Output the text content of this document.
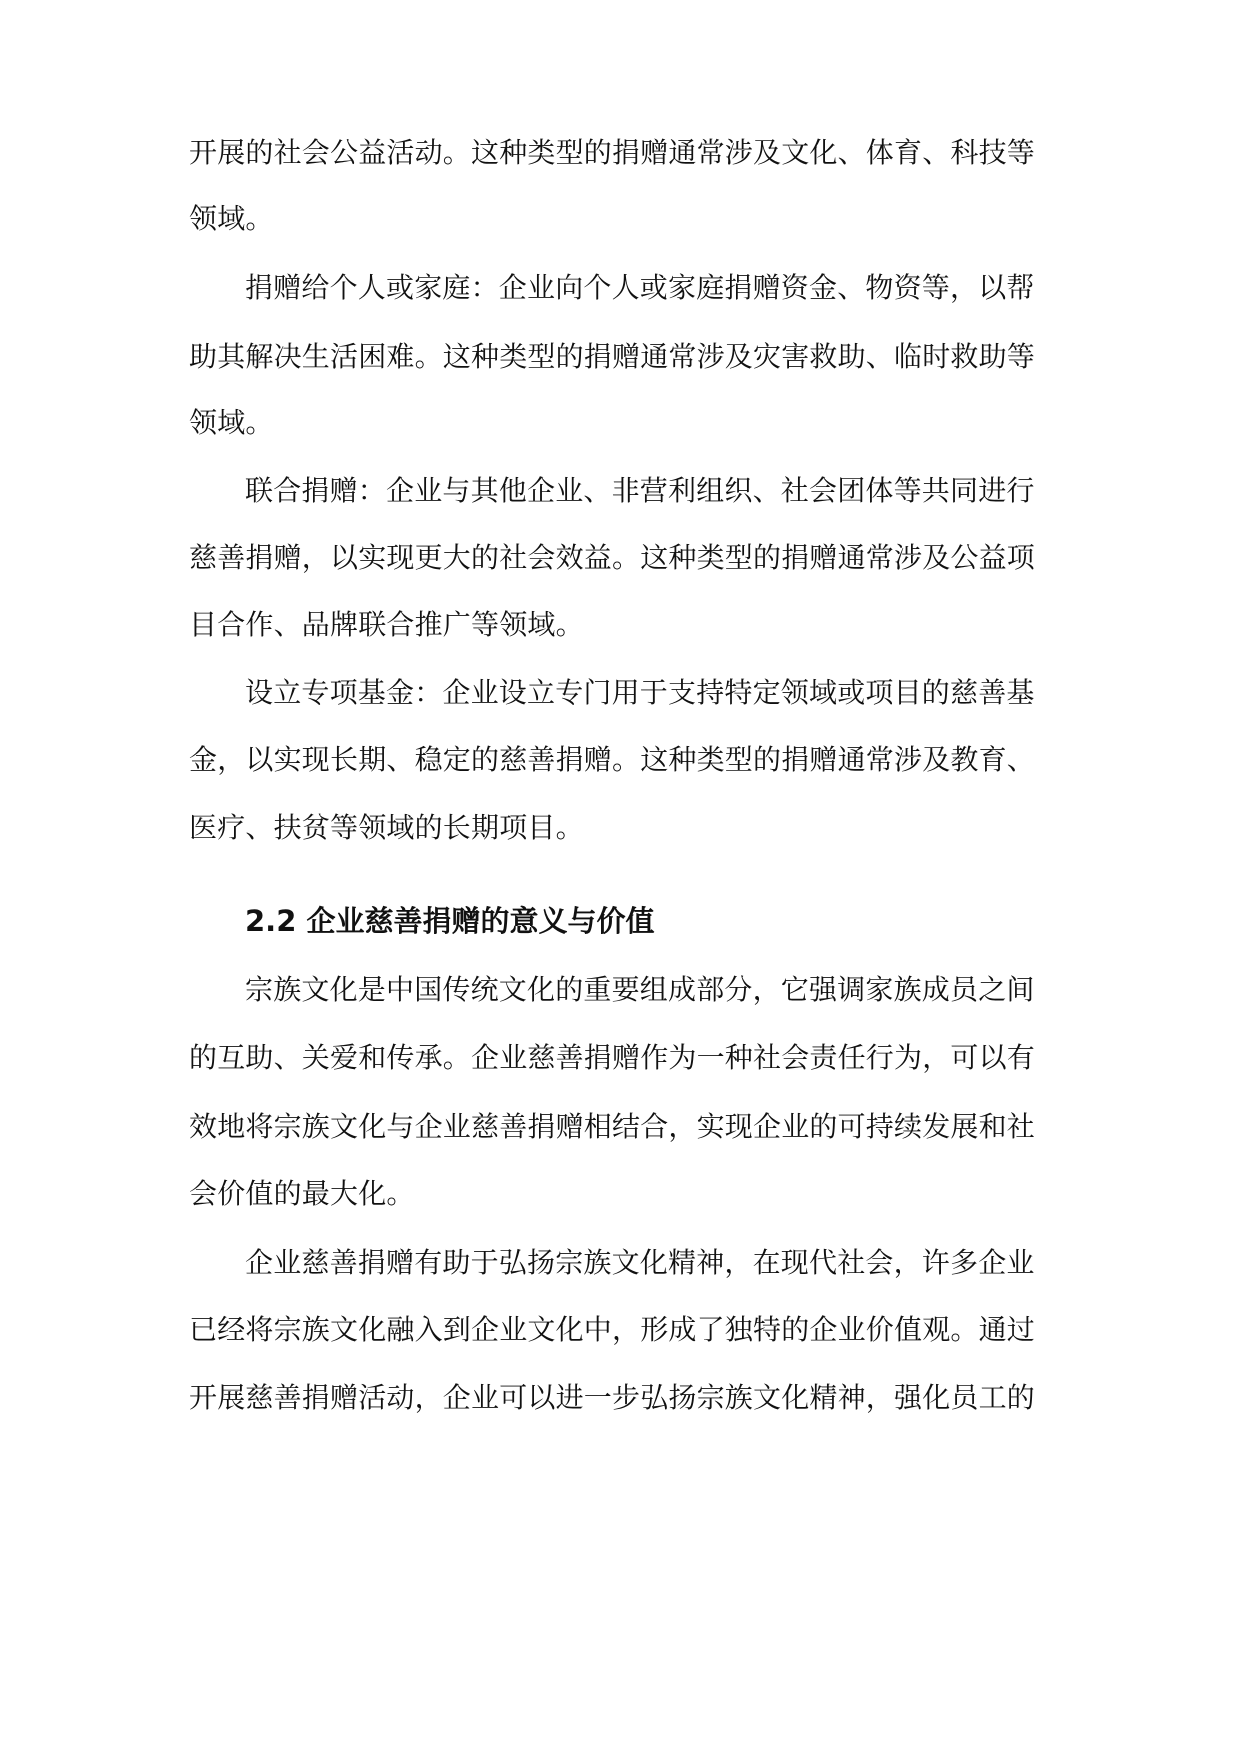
开展的社会公益活动。这种类型的捐赠通常涉及文化、体育、科技等
领域。
捐赠给个人或家庭：企业向个人或家庭捐赠资金、物资等，以帮
助其解决生活困难。这种类型的捐赠通常涉及灾害救助、临时救助等
领域。
联合捐赠：企业与其他企业、非营利组织、社会团体等共同进行
慈善捐赠，以实现更大的社会效益。这种类型的捐赠通常涉及公益项
目合作、品牌联合推广等领域。
设立专项基金：企业设立专门用于支持特定领域或项目的慈善基
金，以实现长期、稳定的慈善捐赠。这种类型的捐赠通常涉及教育、
医疗、扶贫等领域的长期项目。
2.2 企业慈善捐赠的意义与价值
宗族文化是中国传统文化的重要组成部分，它强调家族成员之间
的互助、关爱和传承。企业慈善捐赠作为一种社会责任行为，可以有
效地将宗族文化与企业慈善捐赠相结合，实现企业的可持续发展和社
会价值的最大化。
企业慈善捐赠有助于弘扬宗族文化精神，在现代社会，许多企业
已经将宗族文化融入到企业文化中，形成了独特的企业价值观。通过
开展慈善捐赠活动，企业可以进一步弘扬宗族文化精神，强化员工的
